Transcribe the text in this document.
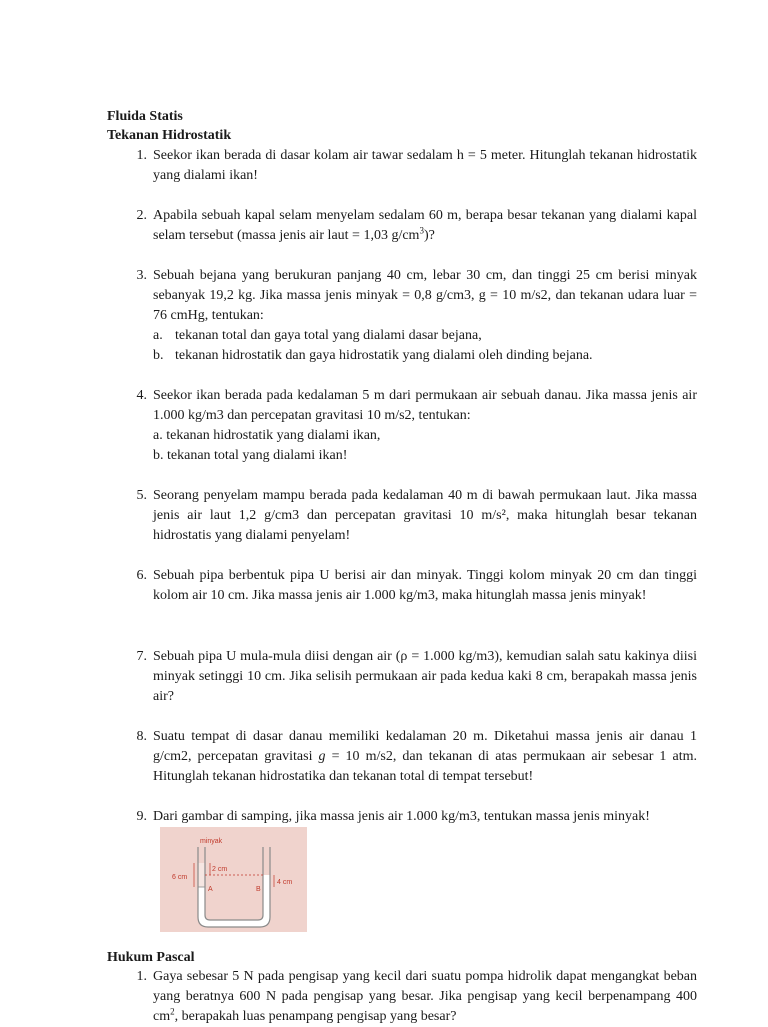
Fluida Statis
Tekanan Hidrostatik
1. Seekor ikan berada di dasar kolam air tawar sedalam h = 5 meter. Hitunglah tekanan hidrostatik yang dialami ikan!

2. Apabila sebuah kapal selam menyelam sedalam 60 m, berapa besar tekanan yang dialami kapal selam tersebut (massa jenis air laut = 1,03 $g/cm^3$)?

3. Sebuah bejana yang berukuran panjang 40 cm, lebar 30 cm, dan tinggi 25 cm berisi minyak sebanyak 19,2 kg. Jika massa jenis minyak = 0,8 g/cm3, g = 10 m/s2, dan tekanan udara luar = 76 cmHg, tentukan:

a. tekanan total dan gaya total yang dialami dasar bejana,
b. tekanan hidrostatik dan gaya hidrostatik yang dialami oleh dinding bejana.
4. Seekor ikan berada pada kedalaman 5 m dari permukaan air sebuah danau. Jika massa jenis air 1.000 kg/m3 dan percepatan gravitasi 10 m/s2, tentukan:

a. tekanan hidrostatik yang dialami ikan,
b. tekanan total yang dialami ikan!
5. Seorang penyelam mampu berada pada kedalaman 40 m di bawah permukaan laut. Jika massa jenis air laut 1,2 g/cm3 dan percepatan gravitasi 10 m/s², maka hitunglah besar tekanan hidrostatis yang dialami penyelam!

6. Sebuah pipa berbentuk pipa U berisi air dan minyak. Tinggi kolom minyak 20 cm dan tinggi kolom air 10 cm. Jika massa jenis air 1.000 kg/m3, maka hitunglah massa jenis minyak!

7. Sebuah pipa U mula-mula diisi dengan air (ρ = 1.000 kg/m3), kemudian salah satu kakinya diisi minyak setinggi 10 cm. Jika selisih permukaan air pada kedua kaki 8 cm, berapakah massa jenis air?

8. Suatu tempat di dasar danau memiliki kedalaman 20 m. Diketahui massa jenis air danau 1 g/cm2, percepatan gravitasi g = 10 m/s2, dan tekanan di atas permukaan air sebesar 1 atm. Hitunglah tekanan hidrostatika dan tekanan total di tempat tersebut!

9. Dari gambar di samping, jika massa jenis air 1.000 kg/m3, tentukan massa jenis minyak!

minyak
2 cm
6 cm
4 cm
A	B
Hukum Pascal
1. Gaya sebesar 5 N pada pengisap yang kecil dari suatu pompa hidrolik dapat mengangkat beban yang beratnya 600 N pada pengisap yang besar. Jika pengisap yang kecil berpenampang 400 $cm^2$, berapakah luas penampang pengisap yang besar?
